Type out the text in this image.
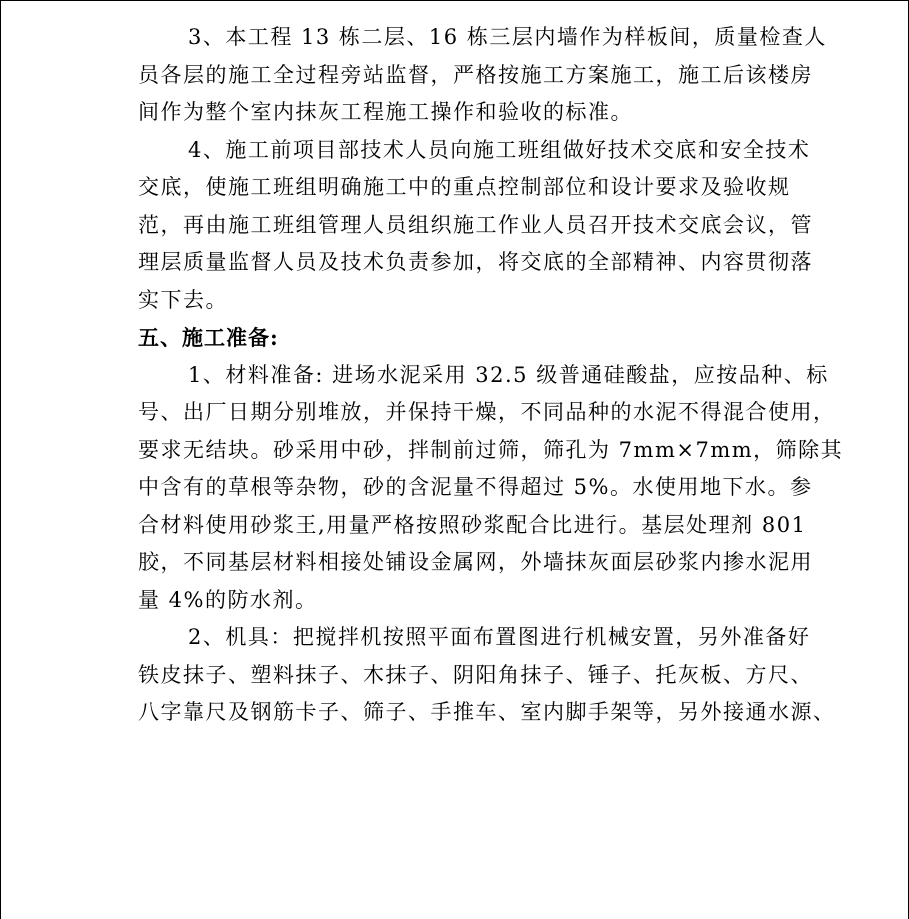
3、本工程 13 栋二层、16 栋三层内墙作为样板间，质量检查人
员各层的施工全过程旁站监督，严格按施工方案施工，施工后该楼房
间作为整个室内抹灰工程施工操作和验收的标准。
4、施工前项目部技术人员向施工班组做好技术交底和安全技术
交底，使施工班组明确施工中的重点控制部位和设计要求及验收规
范，再由施工班组管理人员组织施工作业人员召开技术交底会议，管
理层质量监督人员及技术负责参加，将交底的全部精神、内容贯彻落
实下去。
五、施工准备:
1、材料准备: 进场水泥采用 32.5 级普通硅酸盐，应按品种、标
号、出厂日期分别堆放，并保持干燥，不同品种的水泥不得混合使用，
要求无结块。砂采用中砂，拌制前过筛，筛孔为 7mm×7mm，筛除其
中含有的草根等杂物，砂的含泥量不得超过 5%。水使用地下水。参
合材料使用砂浆王,用量严格按照砂浆配合比进行。基层处理剂 801
胶，不同基层材料相接处铺设金属网，外墙抹灰面层砂浆内掺水泥用
量 4%的防水剂。
2、机具：把搅拌机按照平面布置图进行机械安置，另外准备好
铁皮抹子、塑料抹子、木抹子、阴阳角抹子、锤子、托灰板、方尺、
八字靠尺及钢筋卡子、筛子、手推车、室内脚手架等，另外接通水源、
